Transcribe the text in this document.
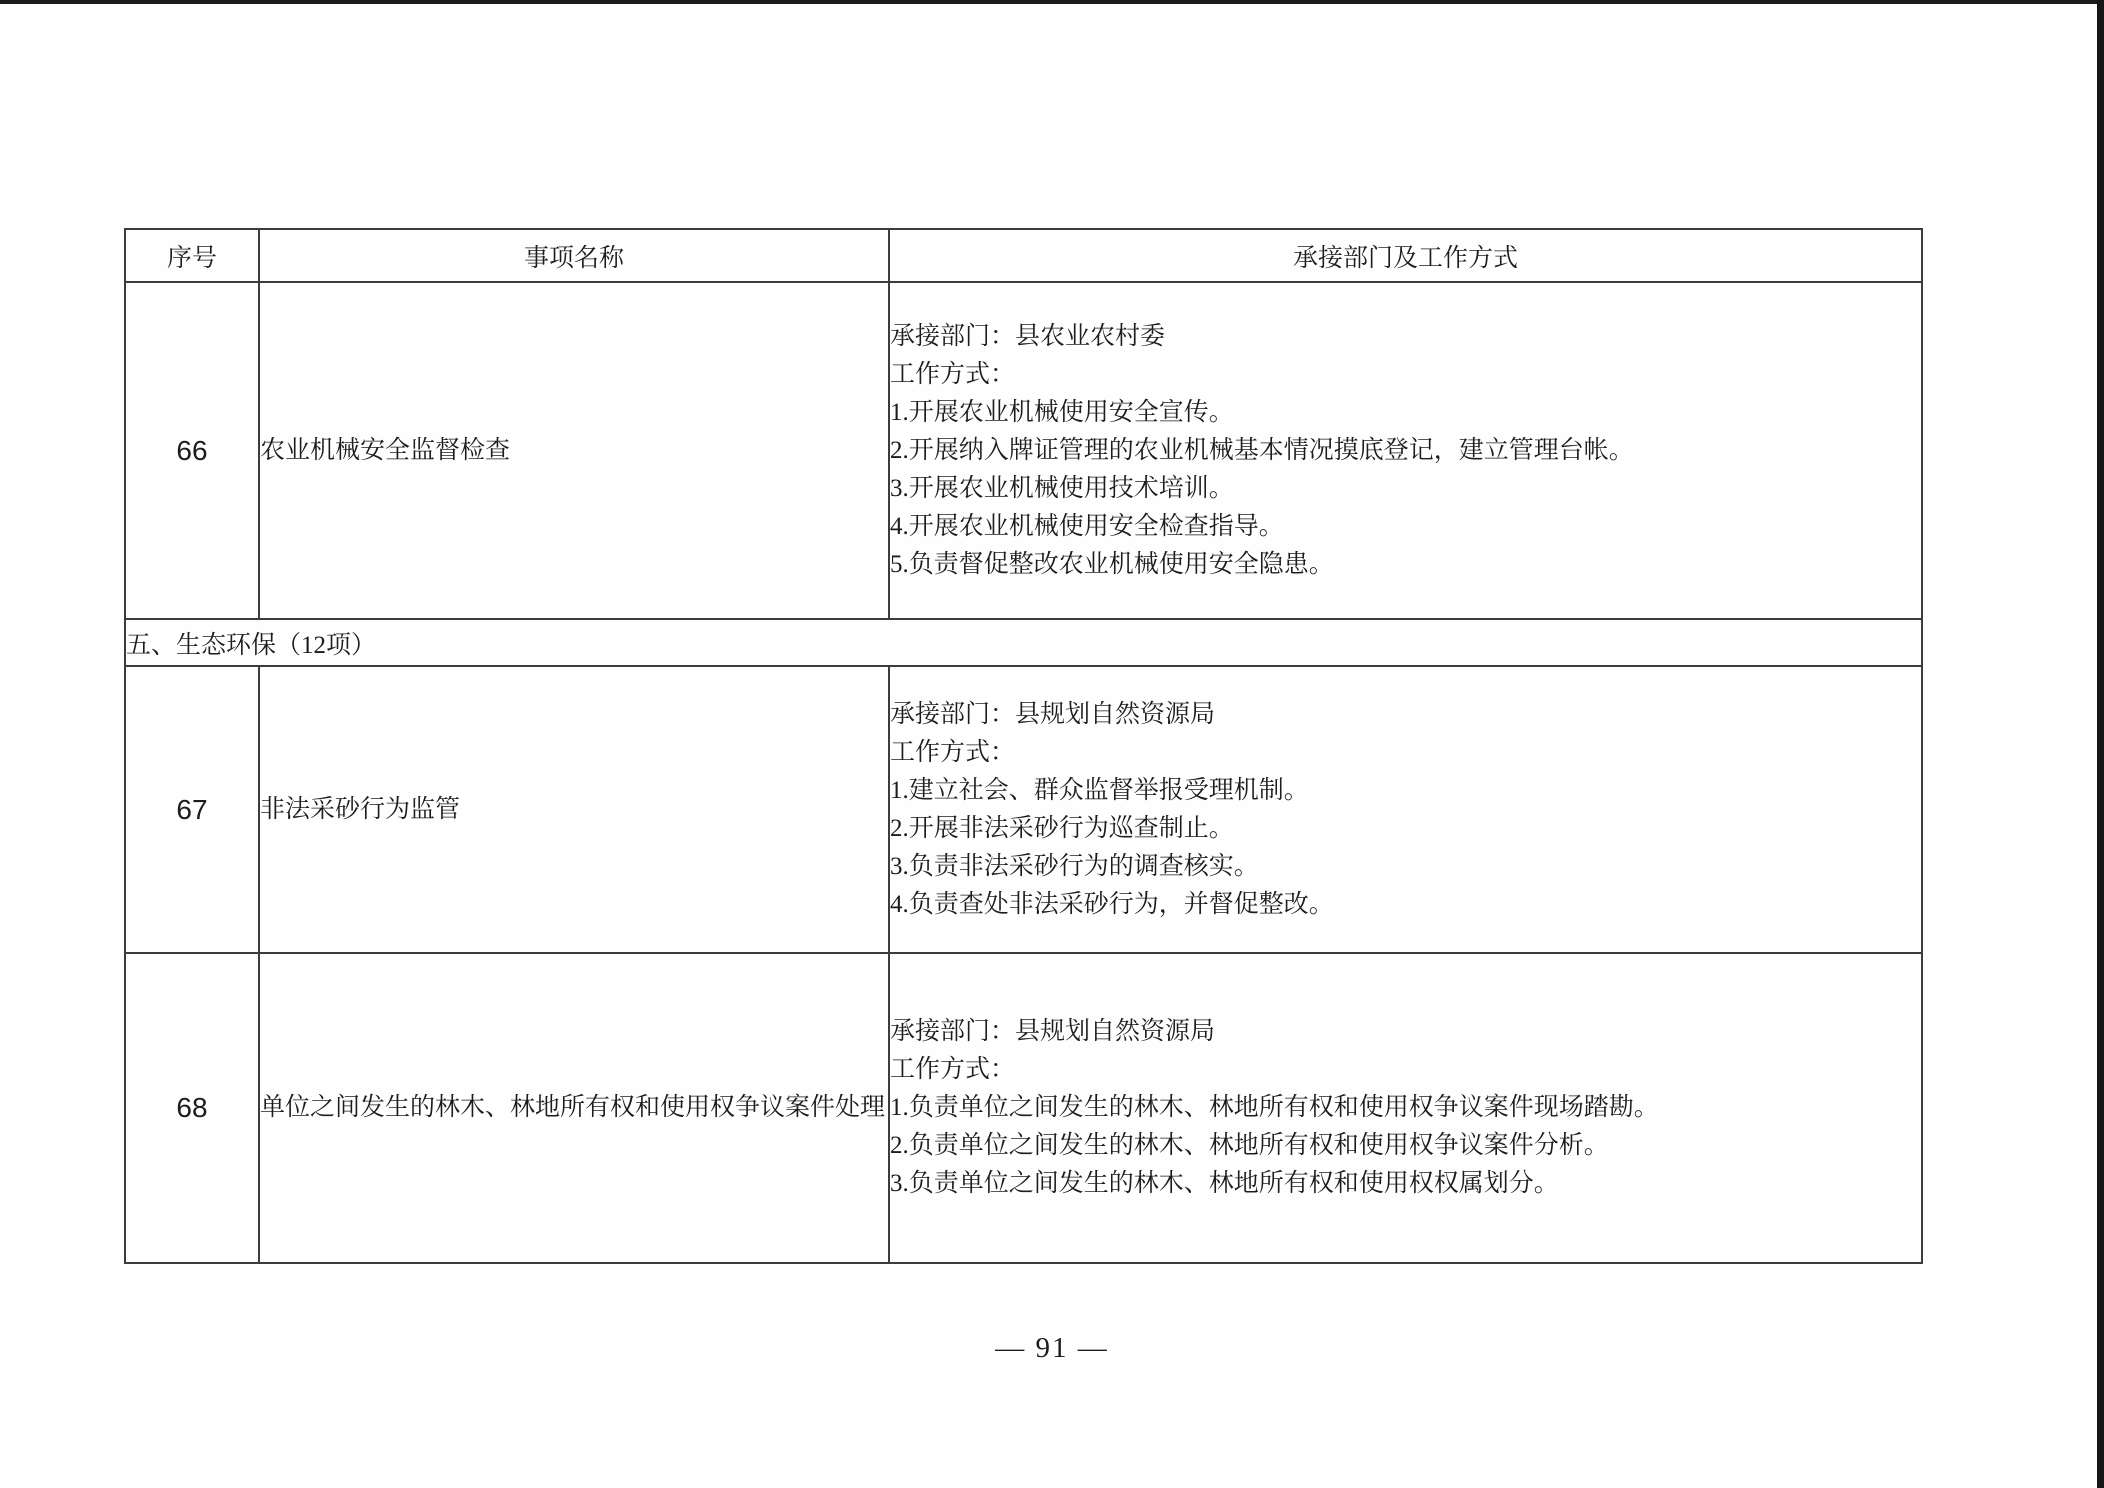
序号	事项名称	承接部门及工作方式
66	农业机械安全监督检查	
承接部门：县农业农村委
工作方式：
1.开展农业机械使用安全宣传。
2.开展纳入牌证管理的农业机械基本情况摸底登记，建立管理台帐。
3.开展农业机械使用技术培训。
4.开展农业机械使用安全检查指导。
5.负责督促整改农业机械使用安全隐患。

五、生态环保（12项）		
67	非法采砂行为监管	
承接部门：县规划自然资源局
工作方式：
1.建立社会、群众监督举报受理机制。
2.开展非法采砂行为巡查制止。
3.负责非法采砂行为的调查核实。
4.负责查处非法采砂行为，并督促整改。

68	单位之间发生的林木、林地所有权和使用权争议案件处理	承接部门：县规划自然资源局
工作方式：
1.负责单位之间发生的林木、林地所有权和使用权争议案件现场踏勘。
2.负责单位之间发生的林木、林地所有权和使用权争议案件分析。
3.负责单位之间发生的林木、林地所有权和使用权权属划分。
— 91 —
